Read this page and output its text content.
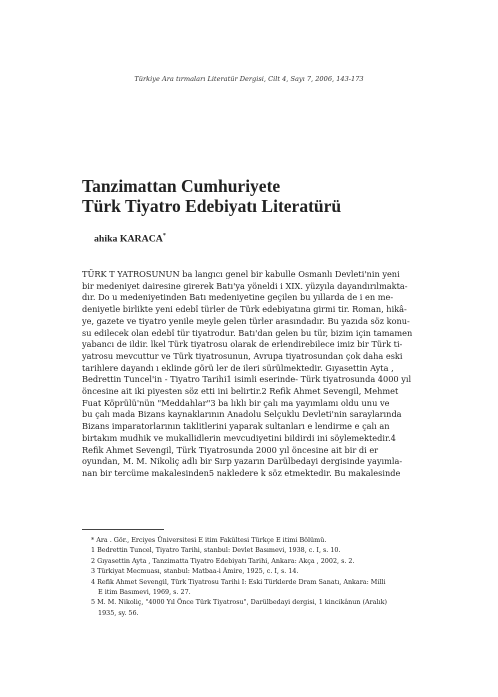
Türkiye Ara tırmaları Literatür Dergisi, Cilt 4, Sayı 7, 2006, 143-173
Tanzimattan Cumhuriyete
Türk Tiyatro Edebiyatı Literatürü
ahika KARACA*
TÜRK T YATROSUNUN ba langıcı genel bir kabulle Osmanlı Devleti'nin yeni
bir medeniyet dairesine girerek Batı'ya yöneldi i XIX. yüzyıla dayandırılmakta-
dır. Do u medeniyetinden Batı medeniyetine geçilen bu yıllarda de i en me-
deniyetle birlikte yeni edebî türler de Türk edebiyatına girmi tir. Roman, hikâ-
ye, gazete ve tiyatro yenile meyle gelen türler arasındadır. Bu yazıda söz konu-
su edilecek olan edebî tür tiyatrodur. Batı'dan gelen bu tür, bizim için tamamen
yabancı de ildir. lkel Türk tiyatrosu olarak de erlendirebilece imiz bir Türk ti-
yatrosu mevcuttur ve Türk tiyatrosunun, Avrupa tiyatrosundan çok daha eski
tarihlere dayandı ı eklinde görü ler de ileri sürülmektedir. Gıyasettin Ayta ,
Bedrettin Tuncel'in - Tiyatro Tarihi1 isimli eserinde- Türk tiyatrosunda 4000 yıl
öncesine ait iki piyesten söz etti ini belirtir.2 Refik Ahmet Sevengil, Mehmet
Fuat Köprülü'nün "Meddahlar"3 ba lıklı bir çalı ma yayımlamı oldu unu ve
bu çalı mada Bizans kaynaklarının Anadolu Selçuklu Devleti'nin saraylarında
Bizans imparatorlarının taklitlerini yaparak sultanları e lendirme e çalı an
birtakım mudhik ve mukallidlerin mevcudiyetini bildirdi ini söylemektedir.4
Refik Ahmet Sevengil, Türk Tiyatrosunda 2000 yıl öncesine ait bir di er
oyundan, M. M. Nikoliç adlı bir Sırp yazarın Darülbedayi dergisinde yayımla-
nan bir tercüme makalesinden5 nakledere k söz etmektedir. Bu makalesinde
* Ara . Gör., Erciyes Üniversitesi E itim Fakültesi Türkçe E itimi Bölümü.
1 Bedrettin Tuncel, Tiyatro Tarihi, stanbul: Devlet Basımevi, 1938, c. I, s. 10.
2 Gıyasettin Ayta , Tanzimatta Tiyatro Edebiyatı Tarihi, Ankara: Akça , 2002, s. 2.
3 Türkiyat Mecmuası, stanbul: Matbaa-i Âmire, 1925, c. I, s. 14.
4 Refik Ahmet Sevengil, Türk Tiyatrosu Tarihi I: Eski Türklerde Dram Sanatı, Ankara: Milli
E itim Basımevi, 1969, s. 27.
5 M. M. Nikoliç, "4000 Yıl Önce Türk Tiyatrosu", Darülbedayi dergisi, 1 kincikânun (Aralık)
1935, sy. 56.
